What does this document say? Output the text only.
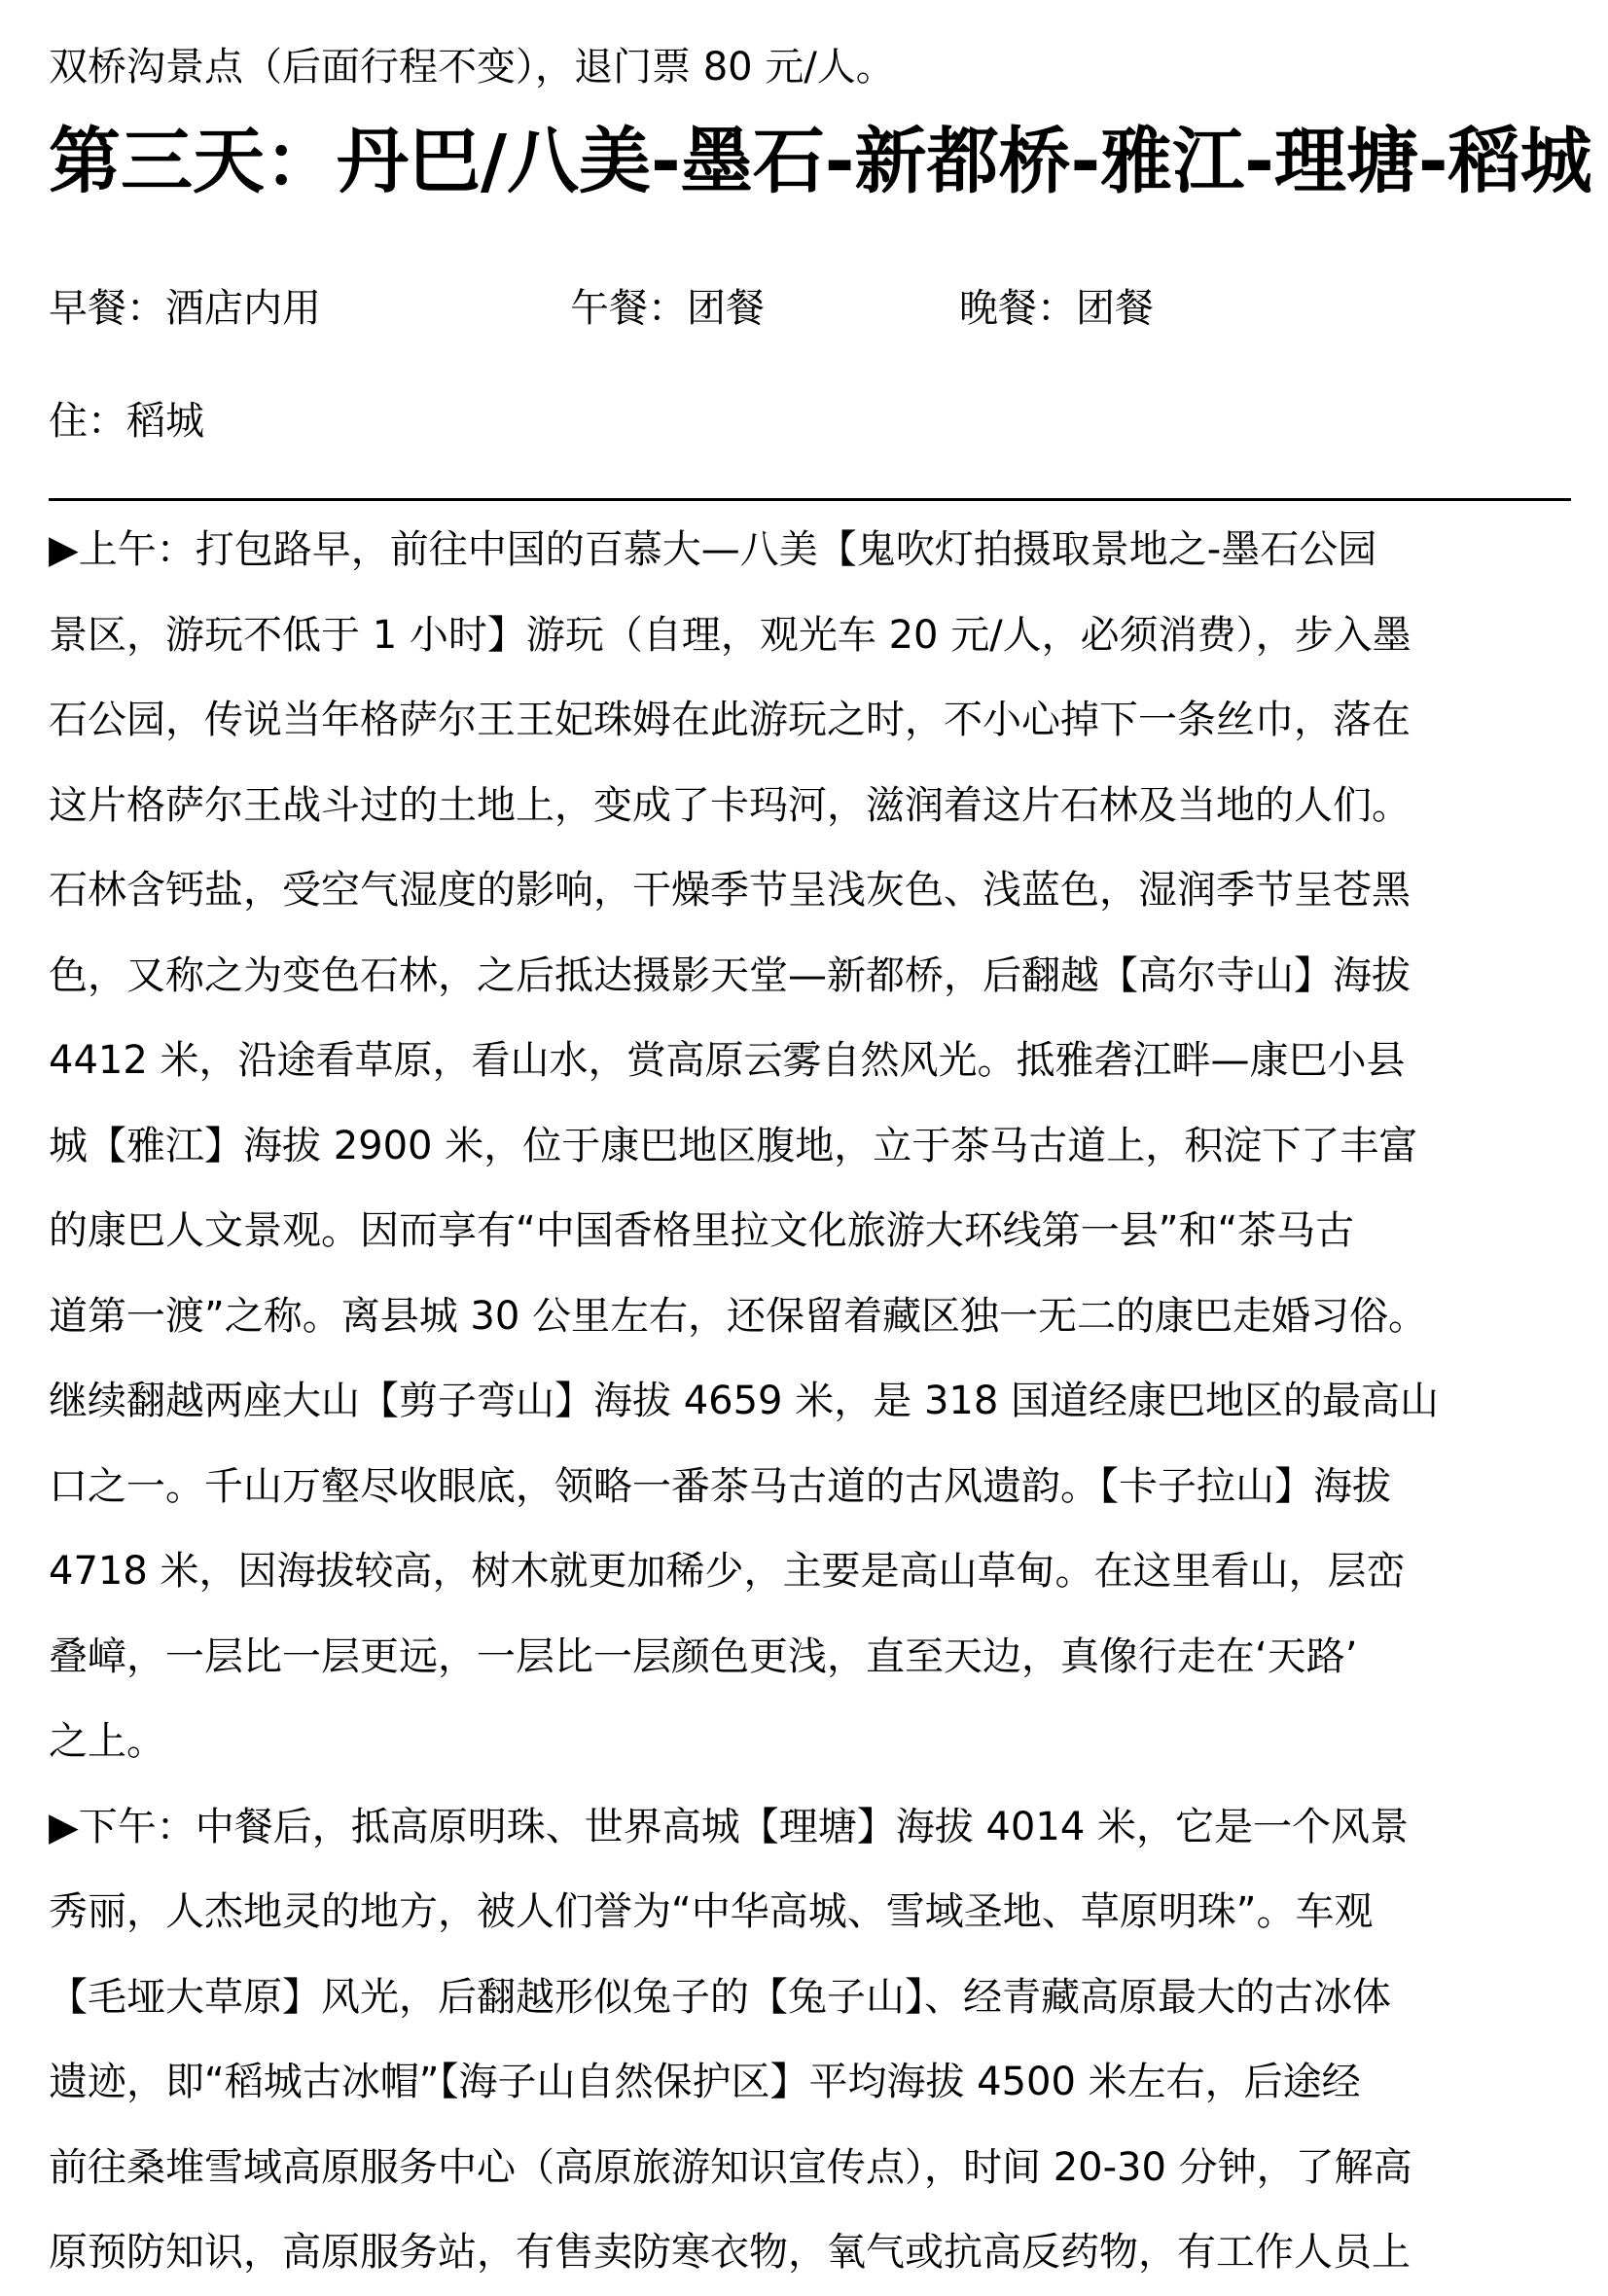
双桥沟景点（后面行程不变），退门票 80 元/人。
第三天：丹巴/八美-墨石-新都桥-雅江-理塘-稻城
早餐：酒店内用	午餐：团餐	晚餐：团餐
住：稻城
▶上午：打包路早，前往中国的百慕大—八美【鬼吹灯拍摄取景地之-墨石公园
景区，游玩不低于 1 小时】游玩（自理，观光车 20 元/人，必须消费），步入墨
石公园，传说当年格萨尔王王妃珠姆在此游玩之时，不小心掉下一条丝巾，落在
这片格萨尔王战斗过的土地上，变成了卡玛河，滋润着这片石林及当地的人们。
石林含钙盐，受空气湿度的影响，干燥季节呈浅灰色、浅蓝色，湿润季节呈苍黑
色，又称之为变色石林，之后抵达摄影天堂—新都桥，后翻越【高尔寺山】海拔
4412 米，沿途看草原，看山水，赏高原云雾自然风光。抵雅砻江畔—康巴小县
城【雅江】海拔 2900 米，位于康巴地区腹地，立于茶马古道上，积淀下了丰富
的康巴人文景观。因而享有“中国香格里拉文化旅游大环线第一县”和“茶马古
道第一渡”之称。离县城 30 公里左右，还保留着藏区独一无二的康巴走婚习俗。
继续翻越两座大山【剪子弯山】海拔 4659 米，是 318 国道经康巴地区的最高山
口之一。千山万壑尽收眼底，领略一番茶马古道的古风遗韵。【卡子拉山】海拔
4718 米，因海拔较高，树木就更加稀少，主要是高山草甸。在这里看山，层峦
叠嶂，一层比一层更远，一层比一层颜色更浅，直至天边，真像行走在‘天路’
之上。
▶下午：中餐后，抵高原明珠、世界高城【理塘】海拔 4014 米，它是一个风景
秀丽，人杰地灵的地方，被人们誉为“中华高城、雪域圣地、草原明珠”。车观
【毛垭大草原】风光，后翻越形似兔子的【兔子山】、经青藏高原最大的古冰体
遗迹，即“稻城古冰帽”【海子山自然保护区】平均海拔 4500 米左右，后途经
前往桑堆雪域高原服务中心（高原旅游知识宣传点），时间 20-30 分钟，了解高
原预防知识，高原服务站，有售卖防寒衣物，氧气或抗高反药物，有工作人员上
